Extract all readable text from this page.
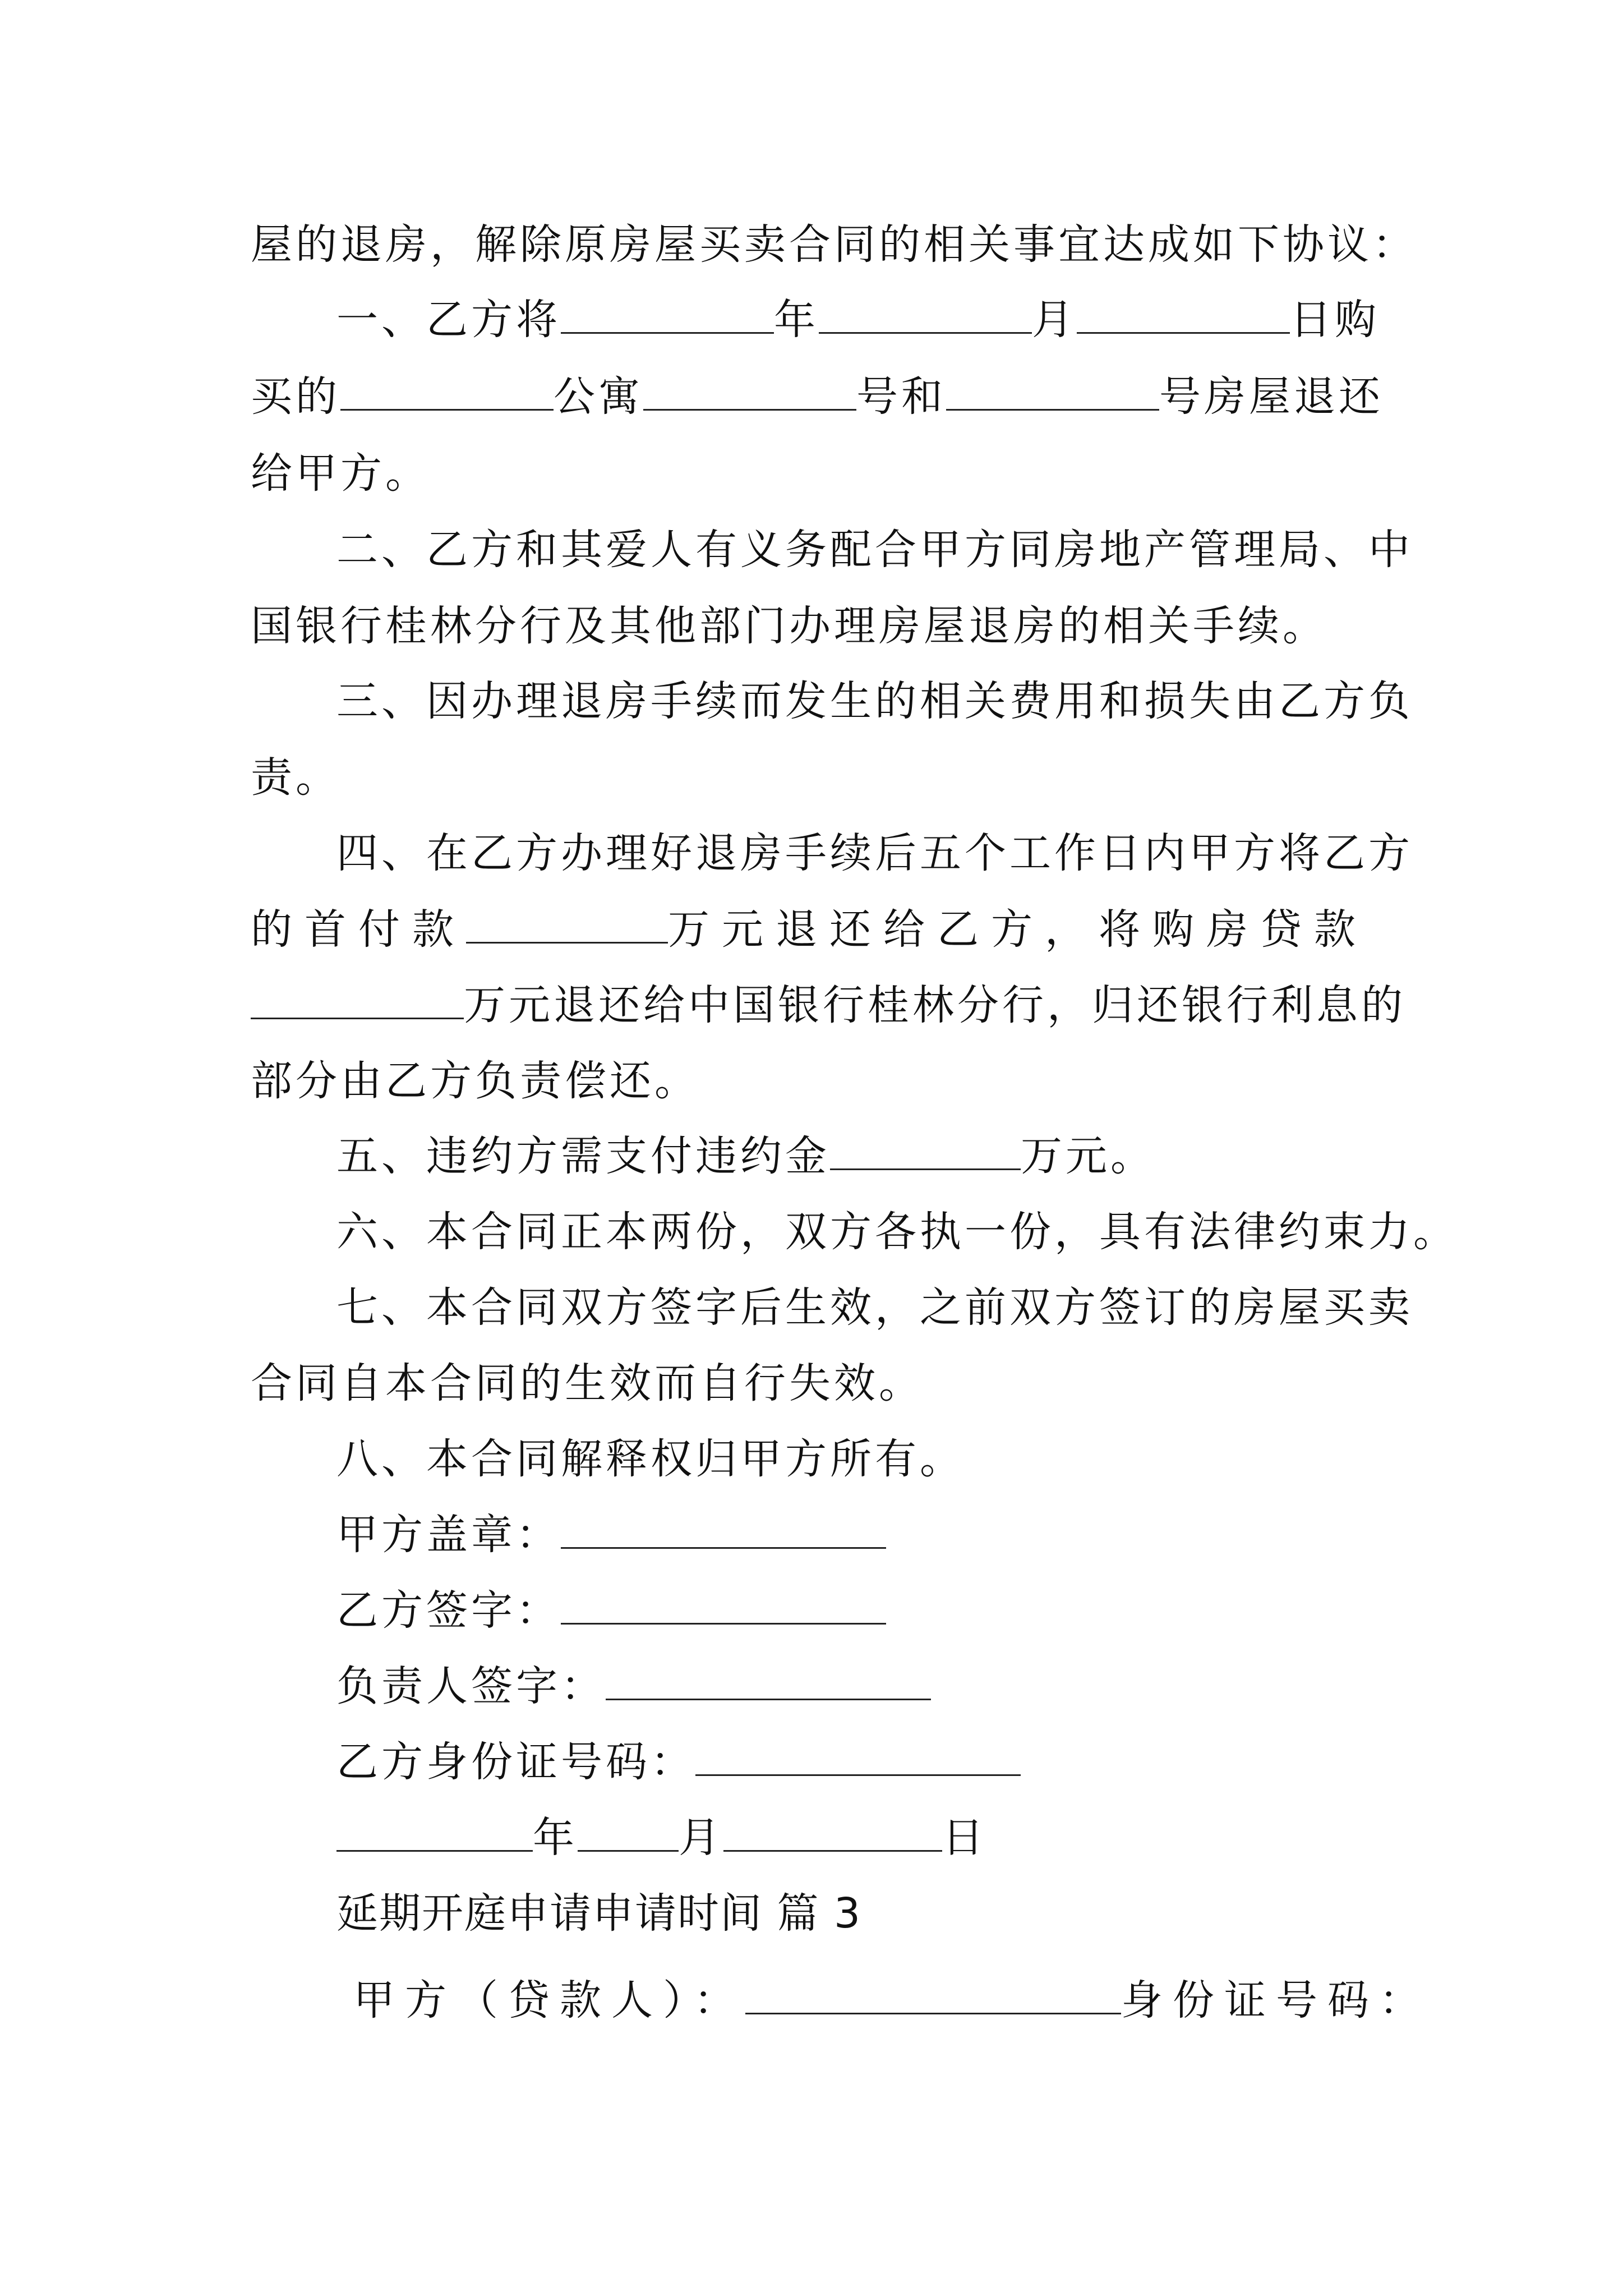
屋的退房，解除原房屋买卖合同的相关事宜达成如下协议：
一、乙方将	年	月	日购
买的	公寓	号和	号房屋退还
给甲方。
二、乙方和其爱人有义务配合甲方同房地产管理局、中
国银行桂林分行及其他部门办理房屋退房的相关手续。
三、因办理退房手续而发生的相关费用和损失由乙方负
责。
四、在乙方办理好退房手续后五个工作日内甲方将乙方
的首付款	万元退还给乙方，将购房贷款
万元退还给中国银行桂林分行，归还银行利息的
部分由乙方负责偿还。
五、违约方需支付违约金	万元。
六、本合同正本两份，双方各执一份，具有法律约束力。
七、本合同双方签字后生效，之前双方签订的房屋买卖
合同自本合同的生效而自行失效。
八、本合同解释权归甲方所有。
甲方盖章：
乙方签字：
负责人签字：
乙方身份证号码：
年 月	日
延期开庭申请申请时间 篇 3
甲方（贷款人）：	身份证号码：
